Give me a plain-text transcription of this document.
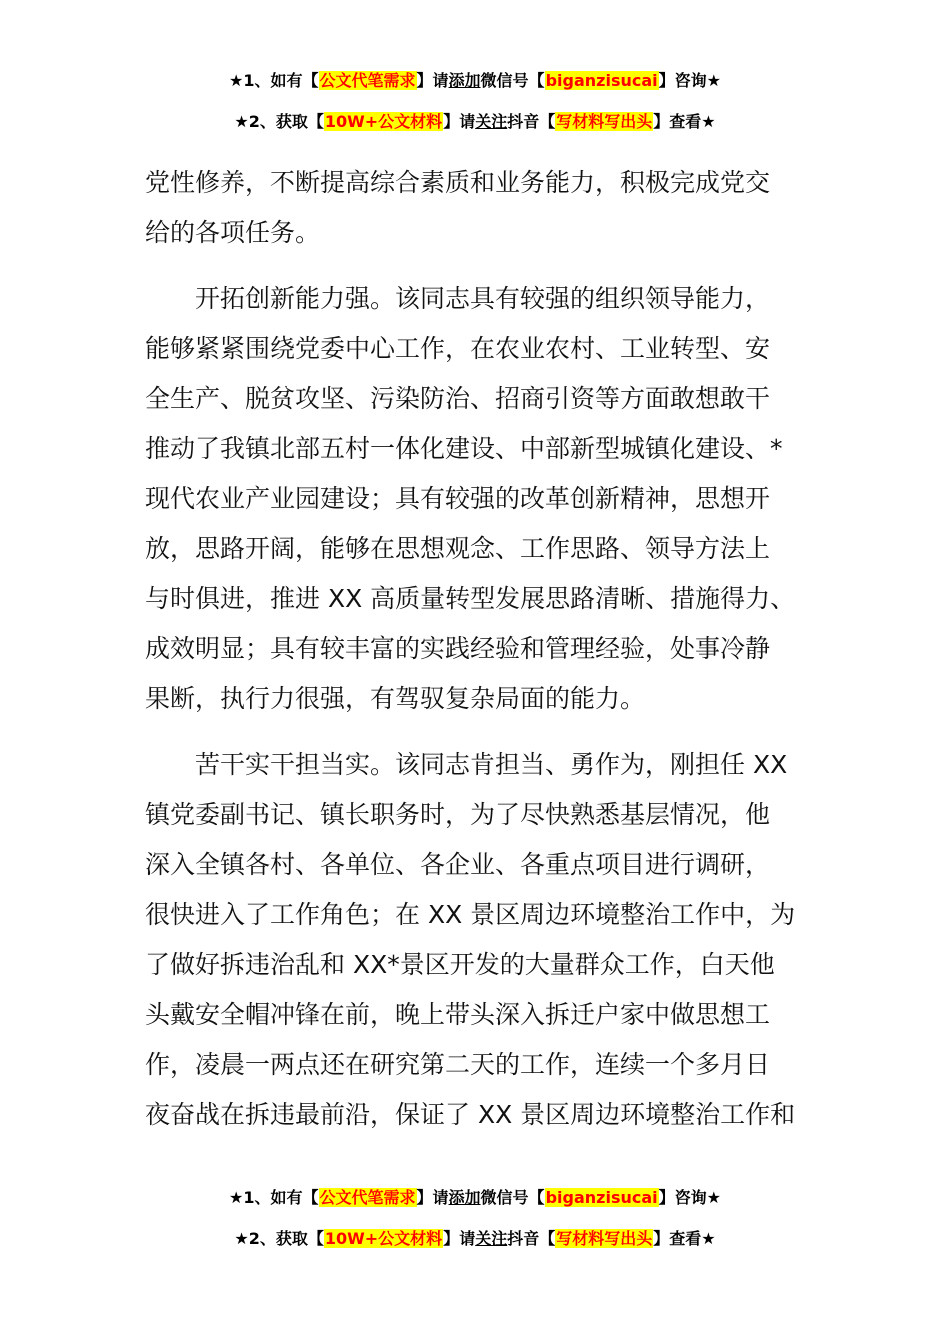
★1、如有【公文代笔需求】请添加微信号【biganzisucai】咨询★
★2、获取【10W+公文材料】请关注抖音【写材料写出头】查看★
党性修养，不断提高综合素质和业务能力，积极完成党交
给的各项任务。
开拓创新能力强。该同志具有较强的组织领导能力，
能够紧紧围绕党委中心工作，在农业农村、工业转型、安
全生产、脱贫攻坚、污染防治、招商引资等方面敢想敢干
推动了我镇北部五村一体化建设、中部新型城镇化建设、*
现代农业产业园建设；具有较强的改革创新精神，思想开
放，思路开阔，能够在思想观念、工作思路、领导方法上
与时俱进，推进 XX 高质量转型发展思路清晰、措施得力、
成效明显；具有较丰富的实践经验和管理经验，处事冷静
果断，执行力很强，有驾驭复杂局面的能力。
苦干实干担当实。该同志肯担当、勇作为，刚担任 XX
镇党委副书记、镇长职务时，为了尽快熟悉基层情况，他
深入全镇各村、各单位、各企业、各重点项目进行调研，
很快进入了工作角色；在 XX 景区周边环境整治工作中，为
了做好拆违治乱和 XX*景区开发的大量群众工作，白天他
头戴安全帽冲锋在前，晚上带头深入拆迁户家中做思想工
作，凌晨一两点还在研究第二天的工作，连续一个多月日
夜奋战在拆违最前沿，保证了 XX 景区周边环境整治工作和
★1、如有【公文代笔需求】请添加微信号【biganzisucai】咨询★
★2、获取【10W+公文材料】请关注抖音【写材料写出头】查看★
